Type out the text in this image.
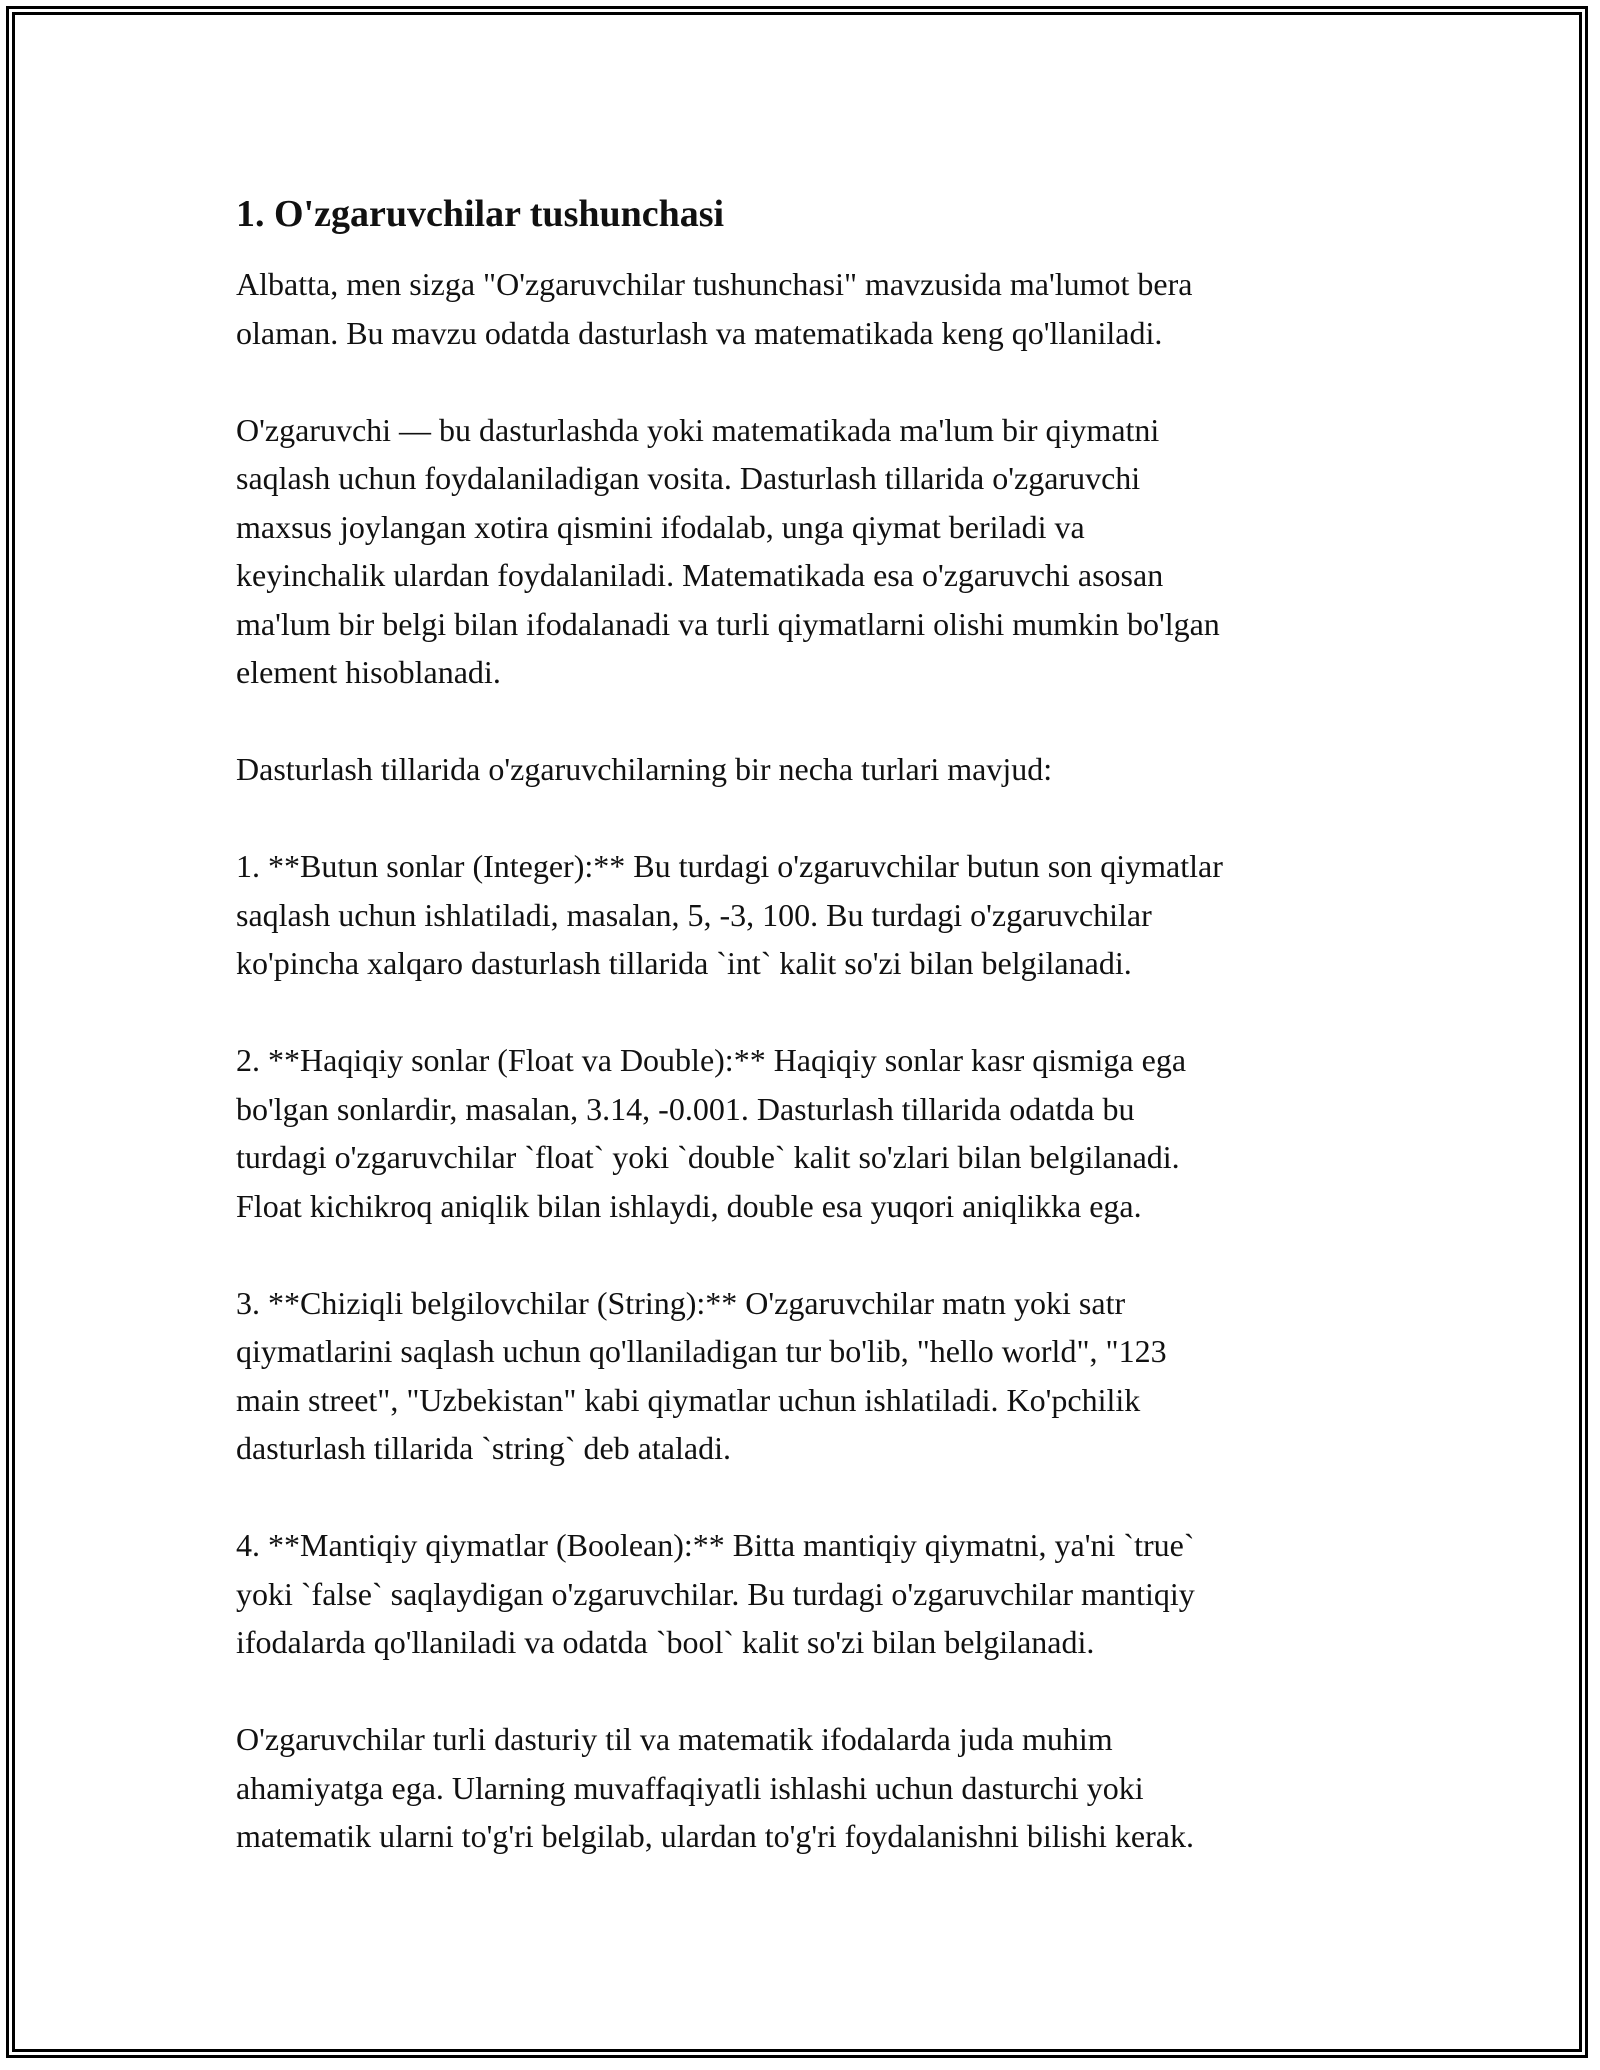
1. O'zgaruvchilar tushunchasi

Albatta, men sizga "O'zgaruvchilar tushunchasi" mavzusida ma'lumot bera
olaman. Bu mavzu odatda dasturlash va matematikada keng qo'llaniladi.

O'zgaruvchi — bu dasturlashda yoki matematikada ma'lum bir qiymatni
saqlash uchun foydalaniladigan vosita. Dasturlash tillarida o'zgaruvchi
maxsus joylangan xotira qismini ifodalab, unga qiymat beriladi va
keyinchalik ulardan foydalaniladi. Matematikada esa o'zgaruvchi asosan
ma'lum bir belgi bilan ifodalanadi va turli qiymatlarni olishi mumkin bo'lgan
element hisoblanadi.

Dasturlash tillarida o'zgaruvchilarning bir necha turlari mavjud:

1. **Butun sonlar (Integer):** Bu turdagi o'zgaruvchilar butun son qiymatlar
saqlash uchun ishlatiladi, masalan, 5, -3, 100. Bu turdagi o'zgaruvchilar
ko'pincha xalqaro dasturlash tillarida `int` kalit so'zi bilan belgilanadi.

2. **Haqiqiy sonlar (Float va Double):** Haqiqiy sonlar kasr qismiga ega
bo'lgan sonlardir, masalan, 3.14, -0.001. Dasturlash tillarida odatda bu
turdagi o'zgaruvchilar `float` yoki `double` kalit so'zlari bilan belgilanadi.
Float kichikroq aniqlik bilan ishlaydi, double esa yuqori aniqlikka ega.

3. **Chiziqli belgilovchilar (String):** O'zgaruvchilar matn yoki satr
qiymatlarini saqlash uchun qo'llaniladigan tur bo'lib, "hello world", "123
main street", "Uzbekistan" kabi qiymatlar uchun ishlatiladi. Ko'pchilik
dasturlash tillarida `string` deb ataladi.

4. **Mantiqiy qiymatlar (Boolean):** Bitta mantiqiy qiymatni, ya'ni `true`
yoki `false` saqlaydigan o'zgaruvchilar. Bu turdagi o'zgaruvchilar mantiqiy
ifodalarda qo'llaniladi va odatda `bool` kalit so'zi bilan belgilanadi.

O'zgaruvchilar turli dasturiy til va matematik ifodalarda juda muhim
ahamiyatga ega. Ularning muvaffaqiyatli ishlashi uchun dasturchi yoki
matematik ularni to'g'ri belgilab, ulardan to'g'ri foydalanishni bilishi kerak.
